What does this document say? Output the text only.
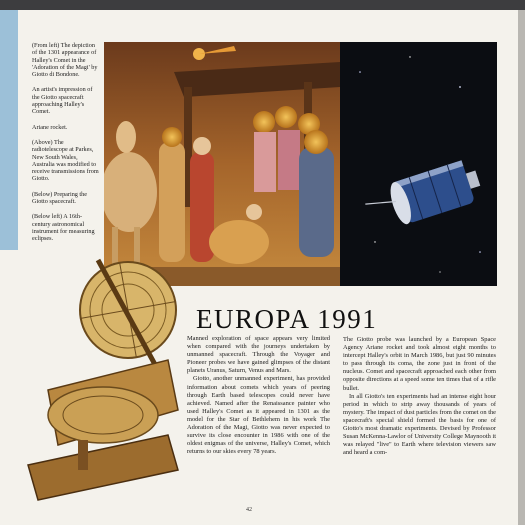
(From left) The depiction of the 1301 appearance of Halley's Comet in the 'Adoration of the Magi' by Giotto di Bondone.

An artist's impression of the Giotto spacecraft approaching Halley's Comet.

Ariane rocket.

(Above) The radiotelescope at Parkes, New South Wales, Australia was modified to receive transmissions from Giotto.

(Below) Preparing the Giotto spacecraft.

(Below left) A 16th-century astronomical instrument for measuring eclipses.

EUROPA 1991

Manned exploration of space appears very limited when compared with the journeys undertaken by unmanned spacecraft. Through the Voyager and Pioneer probes we have gained glimpses of the distant planets Uranus, Saturn, Venus and Mars.

Giotto, another unmanned experiment, has provided information about comets which years of peering through Earth based telescopes could never have achieved. Named after the Renaissance painter who used Halley's Comet as it appeared in 1301 as the model for the Star of Bethlehem in his work The Adoration of the Magi, Giotto was never expected to survive its close encounter in 1986 with one of the oldest enigmas of the universe, Halley's Comet, which returns to our skies every 78 years.

The Giotto probe was launched by a European Space Agency Ariane rocket and took almost eight months to intercept Halley's orbit in March 1986, but just 90 minutes to pass through its coma, the zone just in front of the nucleus. Comet and spacecraft approached each other from opposite directions at a speed some ten times that of a rifle bullet.

In all Giotto's ten experiments had an intense eight hour period in which to strip away thousands of years of mystery. The impact of dust particles from the comet on the spacecraft's special shield formed the basis for one of Giotto's most dramatic experiments. Devised by Professor Susan McKenna-Lawlor of University College Maynooth it was relayed "live" to Earth where television viewers saw and heard a com-

42
